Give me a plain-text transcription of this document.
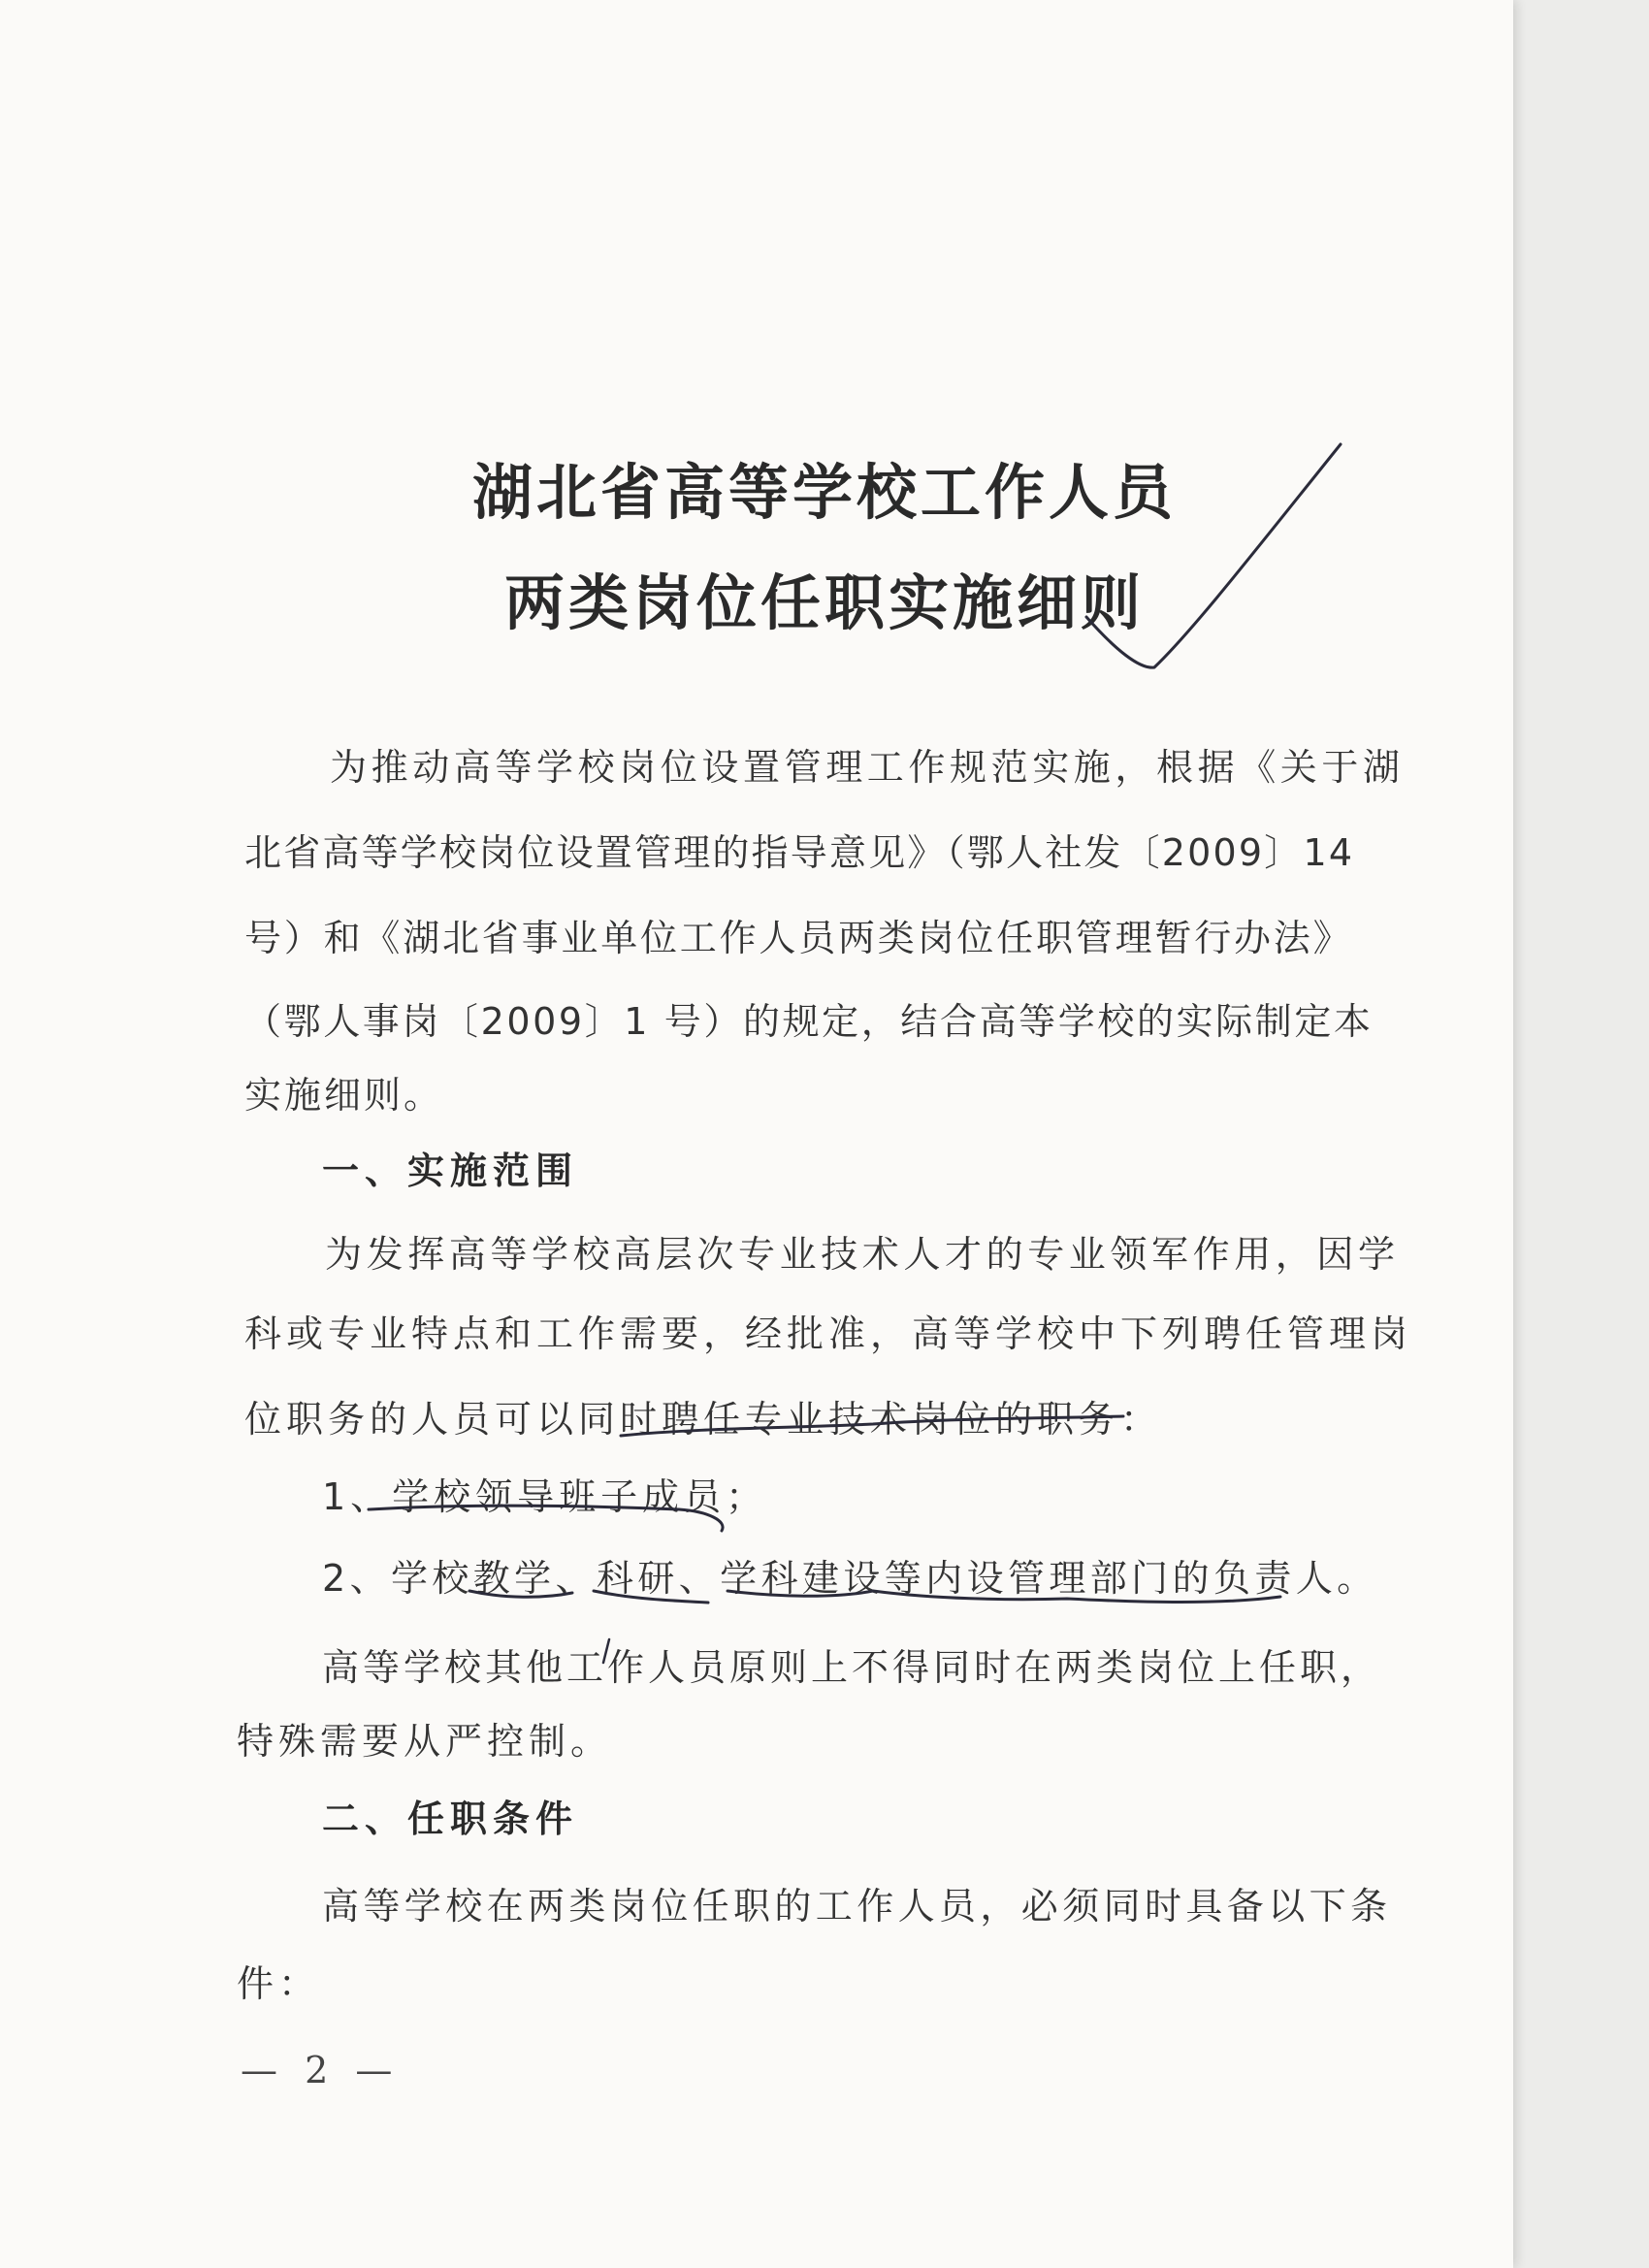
湖北省高等学校工作人员
两类岗位任职实施细则
为推动高等学校岗位设置管理工作规范实施，根据《关于湖
北省高等学校岗位设置管理的指导意见》（鄂人社发〔2009〕14
号）和《湖北省事业单位工作人员两类岗位任职管理暂行办法》
（鄂人事岗〔2009〕1 号）的规定，结合高等学校的实际制定本
实施细则。
一、实施范围
为发挥高等学校高层次专业技术人才的专业领军作用，因学
科或专业特点和工作需要，经批准，高等学校中下列聘任管理岗
位职务的人员可以同时聘任专业技术岗位的职务：
1、学校领导班子成员；
2、学校教学、科研、学科建设等内设管理部门的负责人。
高等学校其他工作人员原则上不得同时在两类岗位上任职，
特殊需要从严控制。
二、任职条件
高等学校在两类岗位任职的工作人员，必须同时具备以下条
件：
— 2 —
